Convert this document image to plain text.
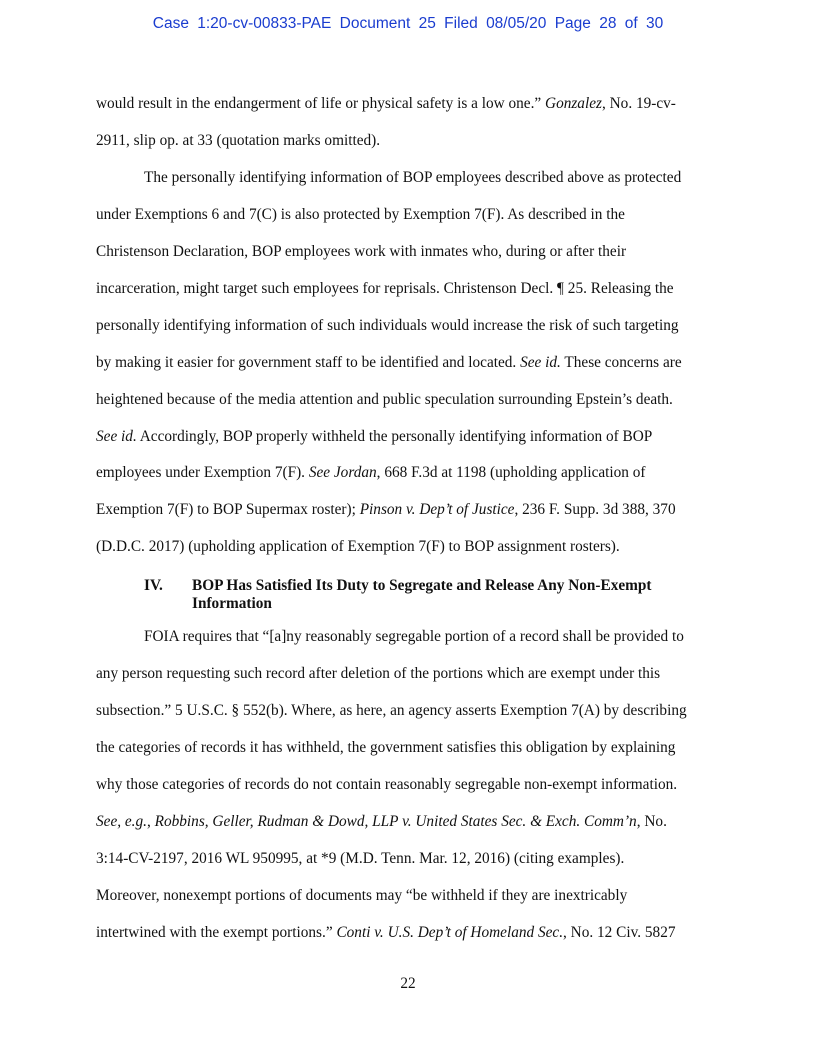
Case 1:20-cv-00833-PAE Document 25 Filed 08/05/20 Page 28 of 30
would result in the endangerment of life or physical safety is a low one.” Gonzalez, No. 19-cv-
2911, slip op. at 33 (quotation marks omitted).
The personally identifying information of BOP employees described above as protected
under Exemptions 6 and 7(C) is also protected by Exemption 7(F). As described in the
Christenson Declaration, BOP employees work with inmates who, during or after their
incarceration, might target such employees for reprisals. Christenson Decl. ¶ 25. Releasing the
personally identifying information of such individuals would increase the risk of such targeting
by making it easier for government staff to be identified and located. See id. These concerns are
heightened because of the media attention and public speculation surrounding Epstein’s death.
See id. Accordingly, BOP properly withheld the personally identifying information of BOP
employees under Exemption 7(F). See Jordan, 668 F.3d at 1198 (upholding application of
Exemption 7(F) to BOP Supermax roster); Pinson v. Dep’t of Justice, 236 F. Supp. 3d 388, 370
(D.D.C. 2017) (upholding application of Exemption 7(F) to BOP assignment rosters).
FOIA requires that “[a]ny reasonably segregable portion of a record shall be provided to
any person requesting such record after deletion of the portions which are exempt under this
subsection.” 5 U.S.C. § 552(b). Where, as here, an agency asserts Exemption 7(A) by describing
the categories of records it has withheld, the government satisfies this obligation by explaining
why those categories of records do not contain reasonably segregable non-exempt information.
See, e.g., Robbins, Geller, Rudman & Dowd, LLP v. United States Sec. & Exch. Comm’n, No.
3:14-CV-2197, 2016 WL 950995, at *9 (M.D. Tenn. Mar. 12, 2016) (citing examples).
Moreover, nonexempt portions of documents may “be withheld if they are inextricably
intertwined with the exempt portions.” Conti v. U.S. Dep’t of Homeland Sec., No. 12 Civ. 5827
IV. BOP Has Satisfied Its Duty to Segregate and Release Any Non-Exempt Information
22
